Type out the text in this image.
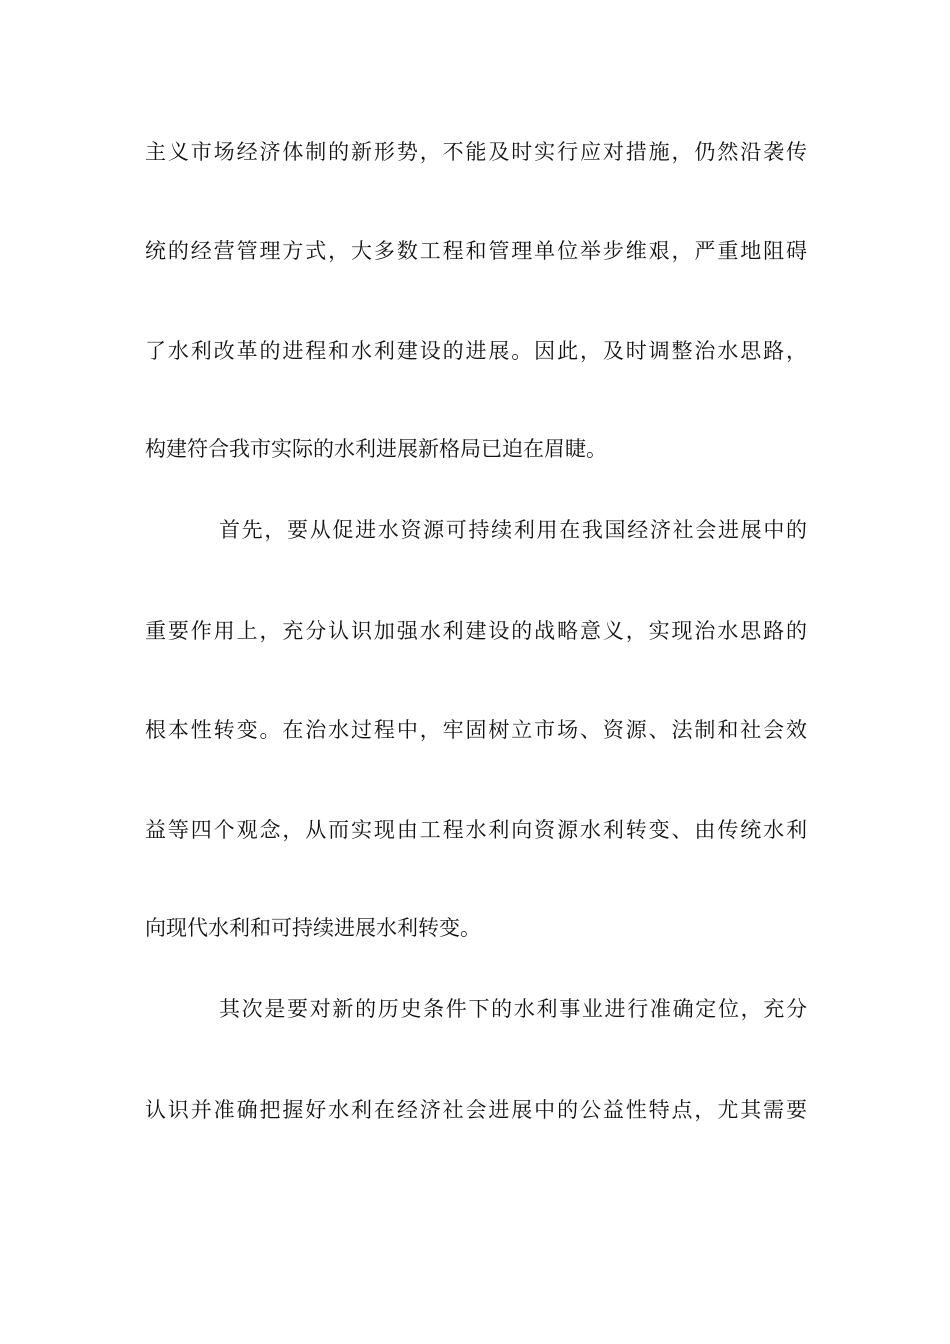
主义市场经济体制的新形势，不能及时实行应对措施，仍然沿袭传
统的经营管理方式，大多数工程和管理单位举步维艰，严重地阻碍
了水利改革的进程和水利建设的进展。因此，及时调整治水思路，
构建符合我市实际的水利进展新格局已迫在眉睫。
首先，要从促进水资源可持续利用在我国经济社会进展中的
重要作用上，充分认识加强水利建设的战略意义，实现治水思路的
根本性转变。在治水过程中，牢固树立市场、资源、法制和社会效
益等四个观念，从而实现由工程水利向资源水利转变、由传统水利
向现代水利和可持续进展水利转变。
其次是要对新的历史条件下的水利事业进行准确定位，充分
认识并准确把握好水利在经济社会进展中的公益性特点，尤其需要
